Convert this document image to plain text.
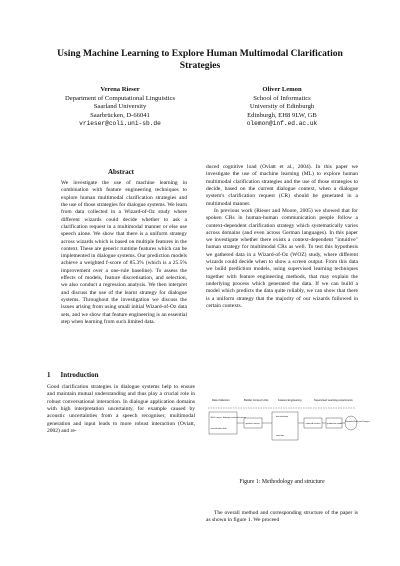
Using Machine Learning to Explore Human Multimodal Clarification Strategies
Verena Rieser
Department of Computational Linguistics
Saarland University
Saarbrücken, D-66041
vrieser@coli.uni-sb.de
Oliver Lemon
School of Informatics
University of Edinburgh
Edinburgh, EH8 9LW, GB
olemon@inf.ed.ac.uk
Abstract
We investigate the use of machine learning in combination with feature engineering techniques to explore human multimodal clarification strategies and the use of those strategies for dialogue systems. We learn from data collected in a Wizard-of-Oz study where different wizards could decide whether to ask a clarification request in a multimodal manner or else use speech alone. We show that there is a uniform strategy across wizards which is based on multiple features in the context. These are generic runtime features which can be implemented in dialogue systems. Our prediction models achieve a weighted f-score of 85.3% (which is a 25.5% improvement over a one-rule baseline). To assess the effects of models, feature discretisation, and selection, we also conduct a regression analysis. We then interpret and discuss the use of the learnt strategy for dialogue systems. Throughout the investigation we discuss the issues arising from using small initial Wizard-of-Oz data sets, and we show that feature engineering is an essential step when learning from such limited data.
1 Introduction
Good clarification strategies in dialogue systems help to ensure and maintain mutual understanding and thus play a crucial role in robust conversational interaction. In dialogue application domains with high interpretation uncertainty, for example caused by acoustic uncertainties from a speech recogniser, multimodal generation and input leads to more robust interaction (Oviatt, 2002) and re-

duced cognitive load (Oviatt et al., 2004). In this paper we investigate the use of machine learning (ML) to explore human multimodal clarification strategies and the use of those strategies to decide, based on the current dialogue context, when a dialogue system's clarification request (CR) should be generated in a multimodal manner.

In previous work (Rieser and Moore, 2005) we showed that for spoken CRs in human-human communication people follow a context-dependent clarification strategy which systematically varies across domains (and even across German languages). In this paper we investigate whether there exists a context-dependent "intuitive" human strategy for multimodal CRs as well. To test this hypothesis we gathered data in a Wizard-of-Oz (WOZ) study, where different wizards could decide when to show a screen output. From this data we build prediction models, using supervised learning techniques together with feature engineering methods, that may explain the underlying process which generated the data. If we can build a model which predicts the data quite reliably, we can show that there is a uniform strategy that the majority of our wizards followed in certain contexts.

Data Collection	Builder Context Units	Feature Engineering	Supervised Learning experiments
WoZ corpus: dialogue context features
classification task
optimal context
discretisation
reduced context
selection
prediction model
Multimodal Clarification Strategies
Figure 1: Methodology and structure

The overall method and corresponding structure of the paper is as shown in figure 1. We proceed
